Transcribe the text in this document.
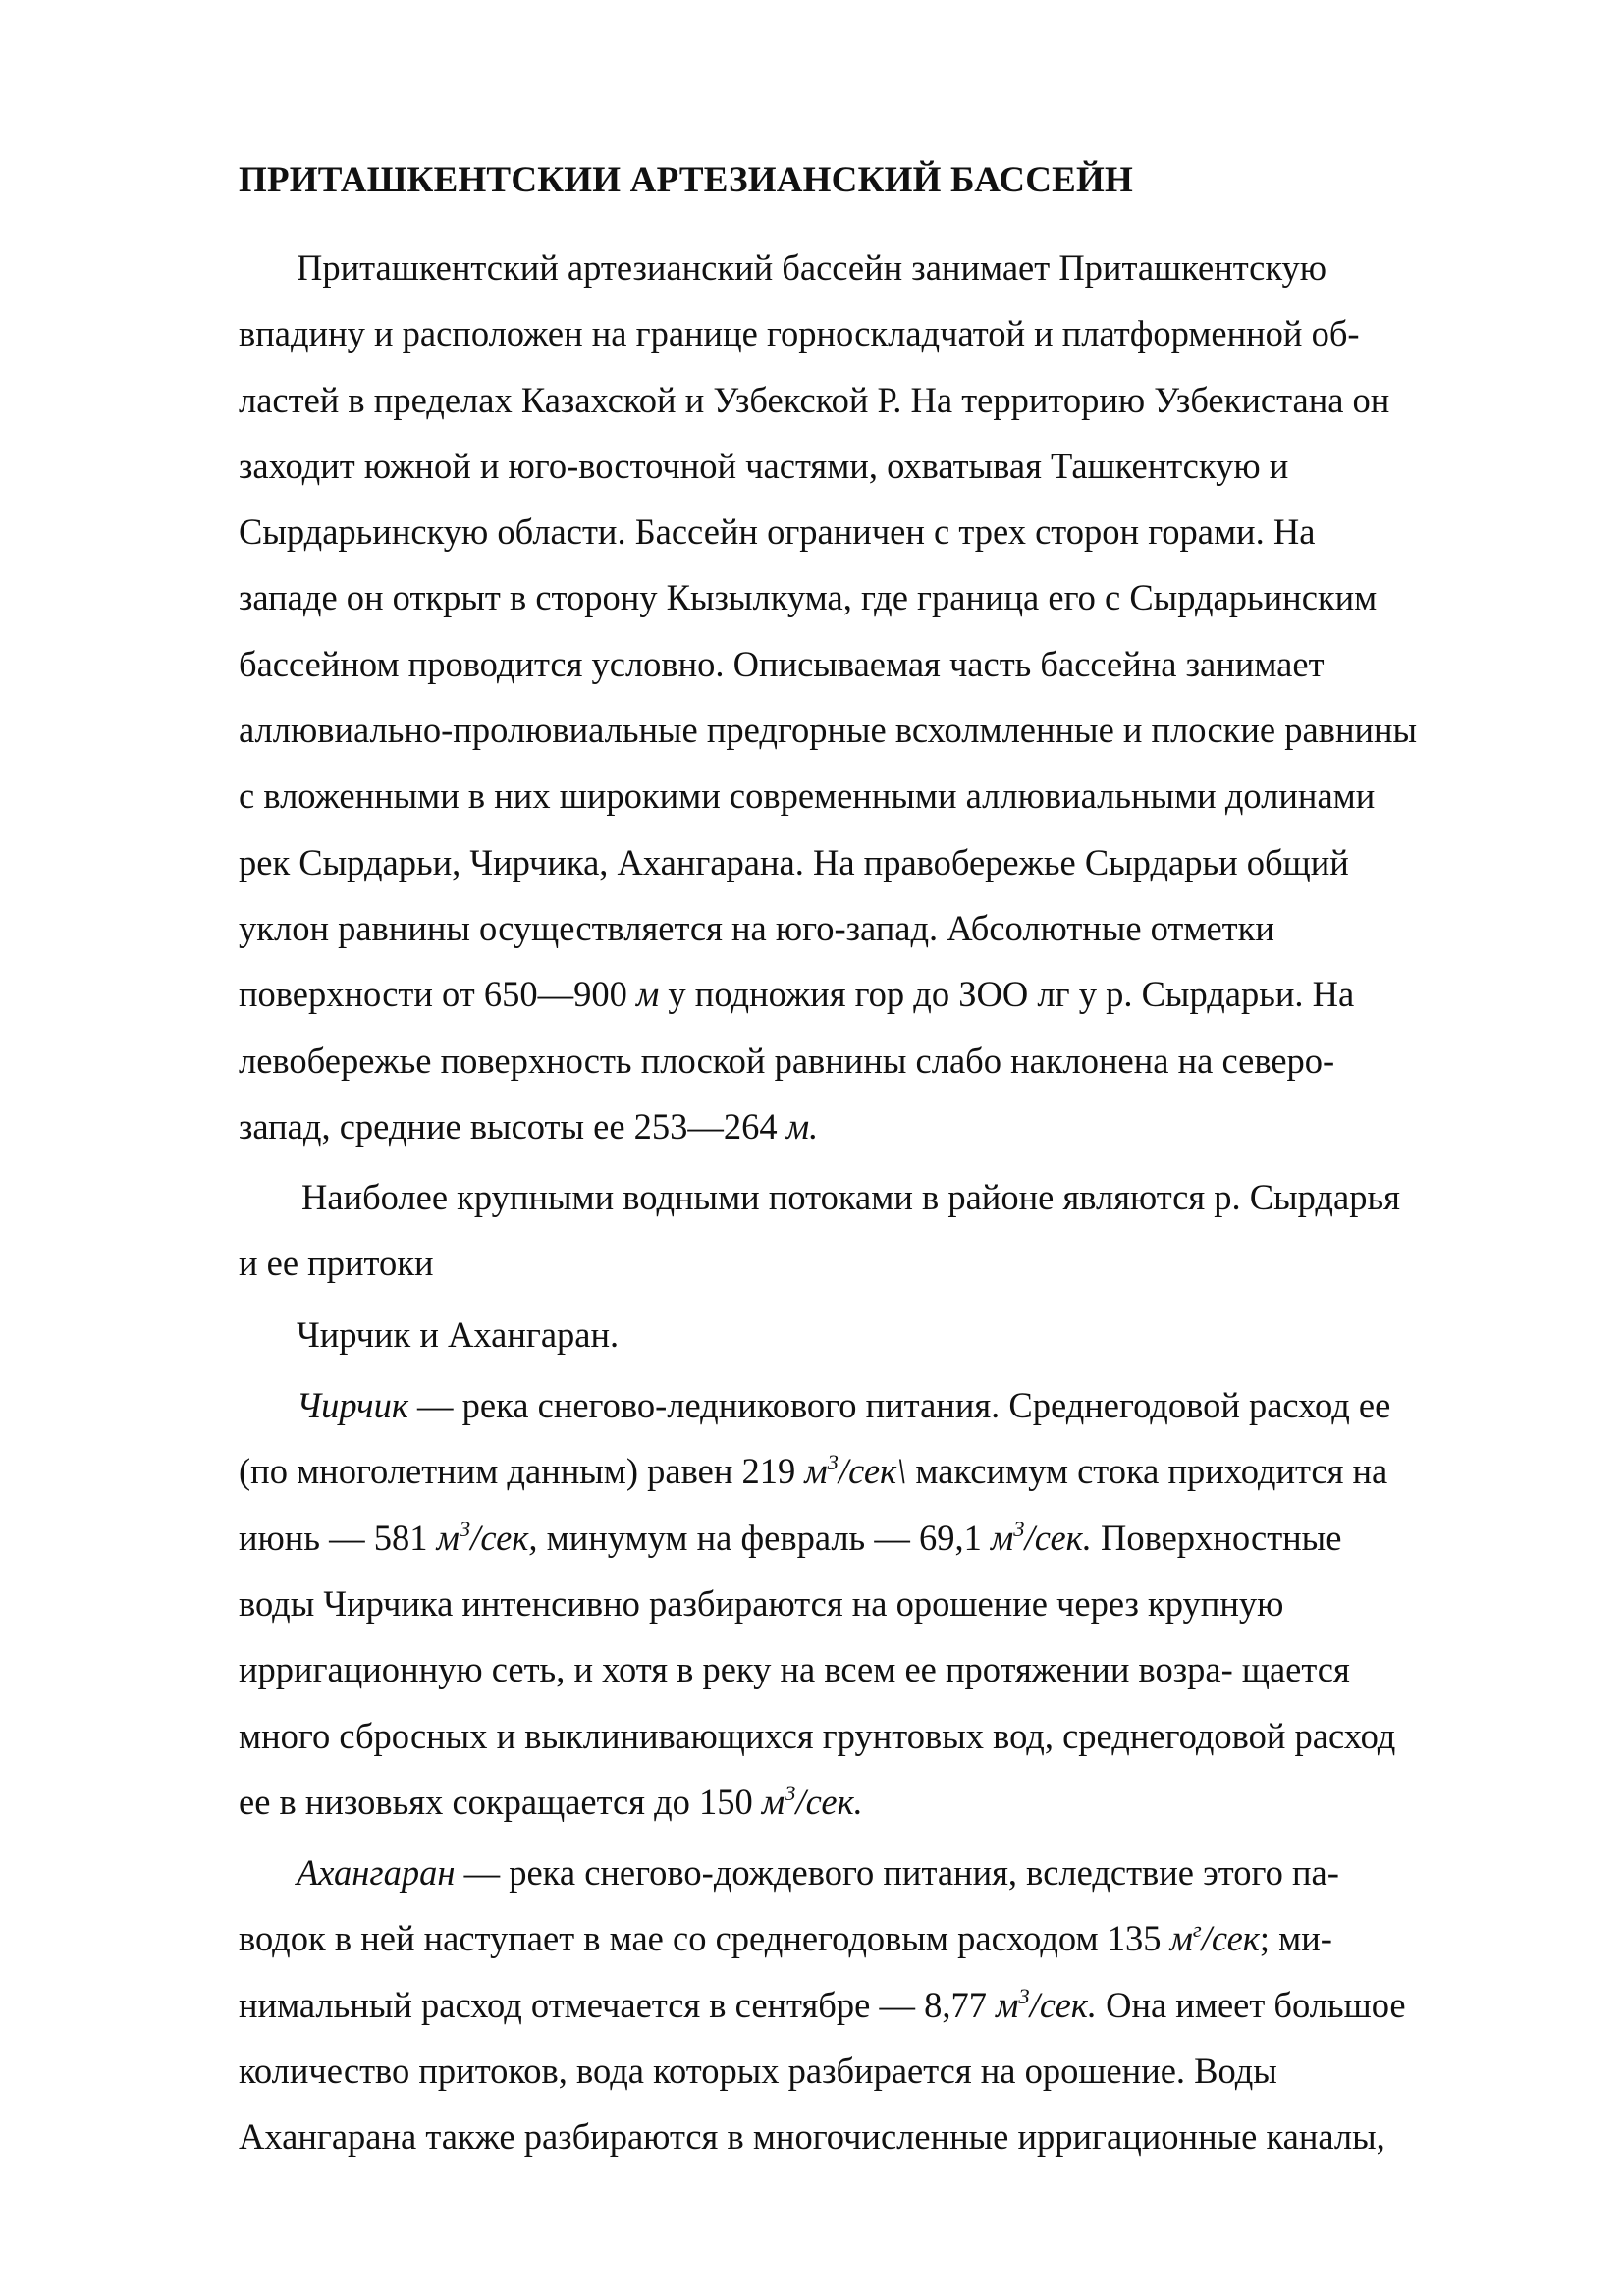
ПРИТАШКЕНТСКИИ АРТЕЗИАНСКИЙ БАССЕЙН
Приташкентский артезианский бассейн занимает Приташкентскую
впадину и расположен на границе горноскладчатой и платформенной об-
ластей в пределах Казахской и Узбекской Р. На территорию Узбекистана он
заходит южной и юго-восточной частями, охватывая Ташкентскую и
Сырдарьинскую области. Бассейн ограничен с трех сторон горами. На
западе он открыт в сторону Кызылкума, где граница его с Сырдарьинским
бассейном проводится условно. Описываемая часть бассейна занимает
аллювиально-пролювиальные предгорные всхолмленные и плоские равнины
с вложенными в них широкими современными аллювиальными долинами
рек Сырдарьи, Чирчика, Ахангарана. На правобережье Сырдарьи общий
уклон равнины осуществляется на юго-запад. Абсолютные отметки
поверхности от 650—900 м у подножия гор до ЗОО лг у р. Сырдарьи. На
левобережье поверхность плоской равнины слабо наклонена на северо-
запад, средние высоты ее 253—264 м.
Наиболее крупными водными потоками в районе являются р. Сырдарья
и ее притоки
Чирчик и Ахангаран.
Чирчик — река снегово-ледникового питания. Среднегодовой расход ее
(по многолетним данным) равен 219 $м^3/сек\backslash$ максимум стока приходится на
июнь — 581 $м^3$/сек, минумум на февраль — 69,1 $м^3$/сек. Поверхностные
воды Чирчика интенсивно разбираются на орошение через крупную
ирригационную сеть, и хотя в реку на всем ее протяжении возра- щается
много сбросных и выклинивающихся грунтовых вод, среднегодовой расход
ее в низовьях сокращается до 150 $м^3$/сек.
Ахангаран — река снегово-дождевого питания, вследствие этого па-
водок в ней наступает в мае со среднегодовым расходом 135 $м^г$/сек; ми-
нимальный расход отмечается в сентябре — 8,77 $м^3$/сек. Она имеет большое
количество притоков, вода которых разбирается на орошение. Воды
Ахангарана также разбираются в многочисленные ирригационные каналы,
